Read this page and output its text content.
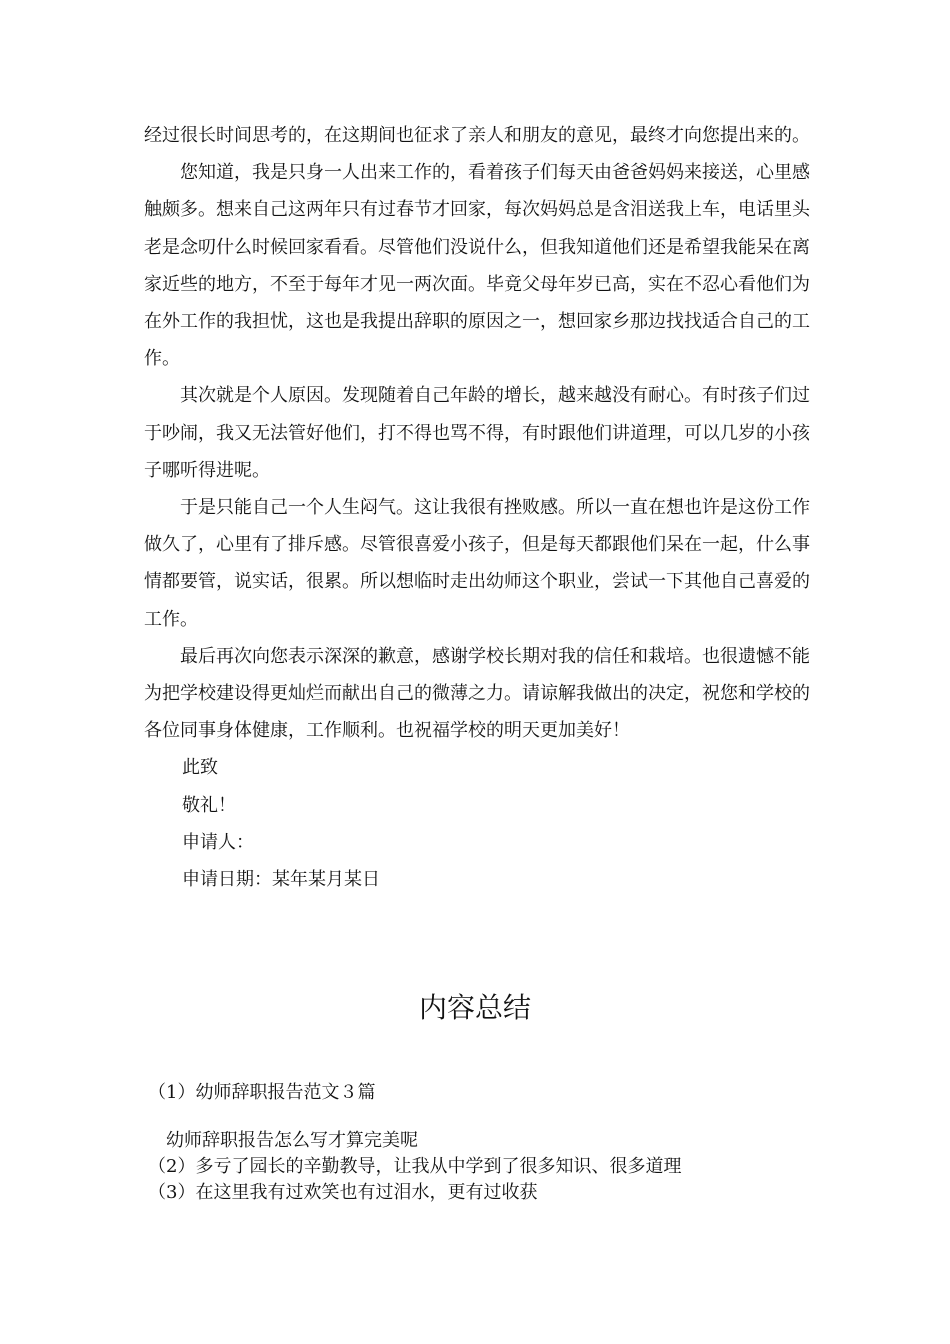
经过很长时间思考的，在这期间也征求了亲人和朋友的意见，最终才向您提出来的。

您知道，我是只身一人出来工作的，看着孩子们每天由爸爸妈妈来接送，心里感触颇多。想来自己这两年只有过春节才回家，每次妈妈总是含泪送我上车，电话里头老是念叨什么时候回家看看。尽管他们没说什么，但我知道他们还是希望我能呆在离家近些的地方，不至于每年才见一两次面。毕竟父母年岁已高，实在不忍心看他们为在外工作的我担忧，这也是我提出辞职的原因之一，想回家乡那边找找适合自己的工作。

其次就是个人原因。发现随着自己年龄的增长，越来越没有耐心。有时孩子们过于吵闹，我又无法管好他们，打不得也骂不得，有时跟他们讲道理，可以几岁的小孩子哪听得进呢。

于是只能自己一个人生闷气。这让我很有挫败感。所以一直在想也许是这份工作做久了，心里有了排斥感。尽管很喜爱小孩子，但是每天都跟他们呆在一起，什么事情都要管，说实话，很累。所以想临时走出幼师这个职业，尝试一下其他自己喜爱的工作。

最后再次向您表示深深的歉意，感谢学校长期对我的信任和栽培。也很遗憾不能为把学校建设得更灿烂而献出自己的微薄之力。请谅解我做出的决定，祝您和学校的各位同事身体健康，工作顺利。也祝福学校的明天更加美好！

此致

敬礼！

申请人：

申请日期：某年某月某日

内容总结

（1）幼师辞职报告范文３篇

幼师辞职报告怎么写才算完美呢

（2）多亏了园长的辛勤教导，让我从中学到了很多知识、很多道理

（3）在这里我有过欢笑也有过泪水，更有过收获
